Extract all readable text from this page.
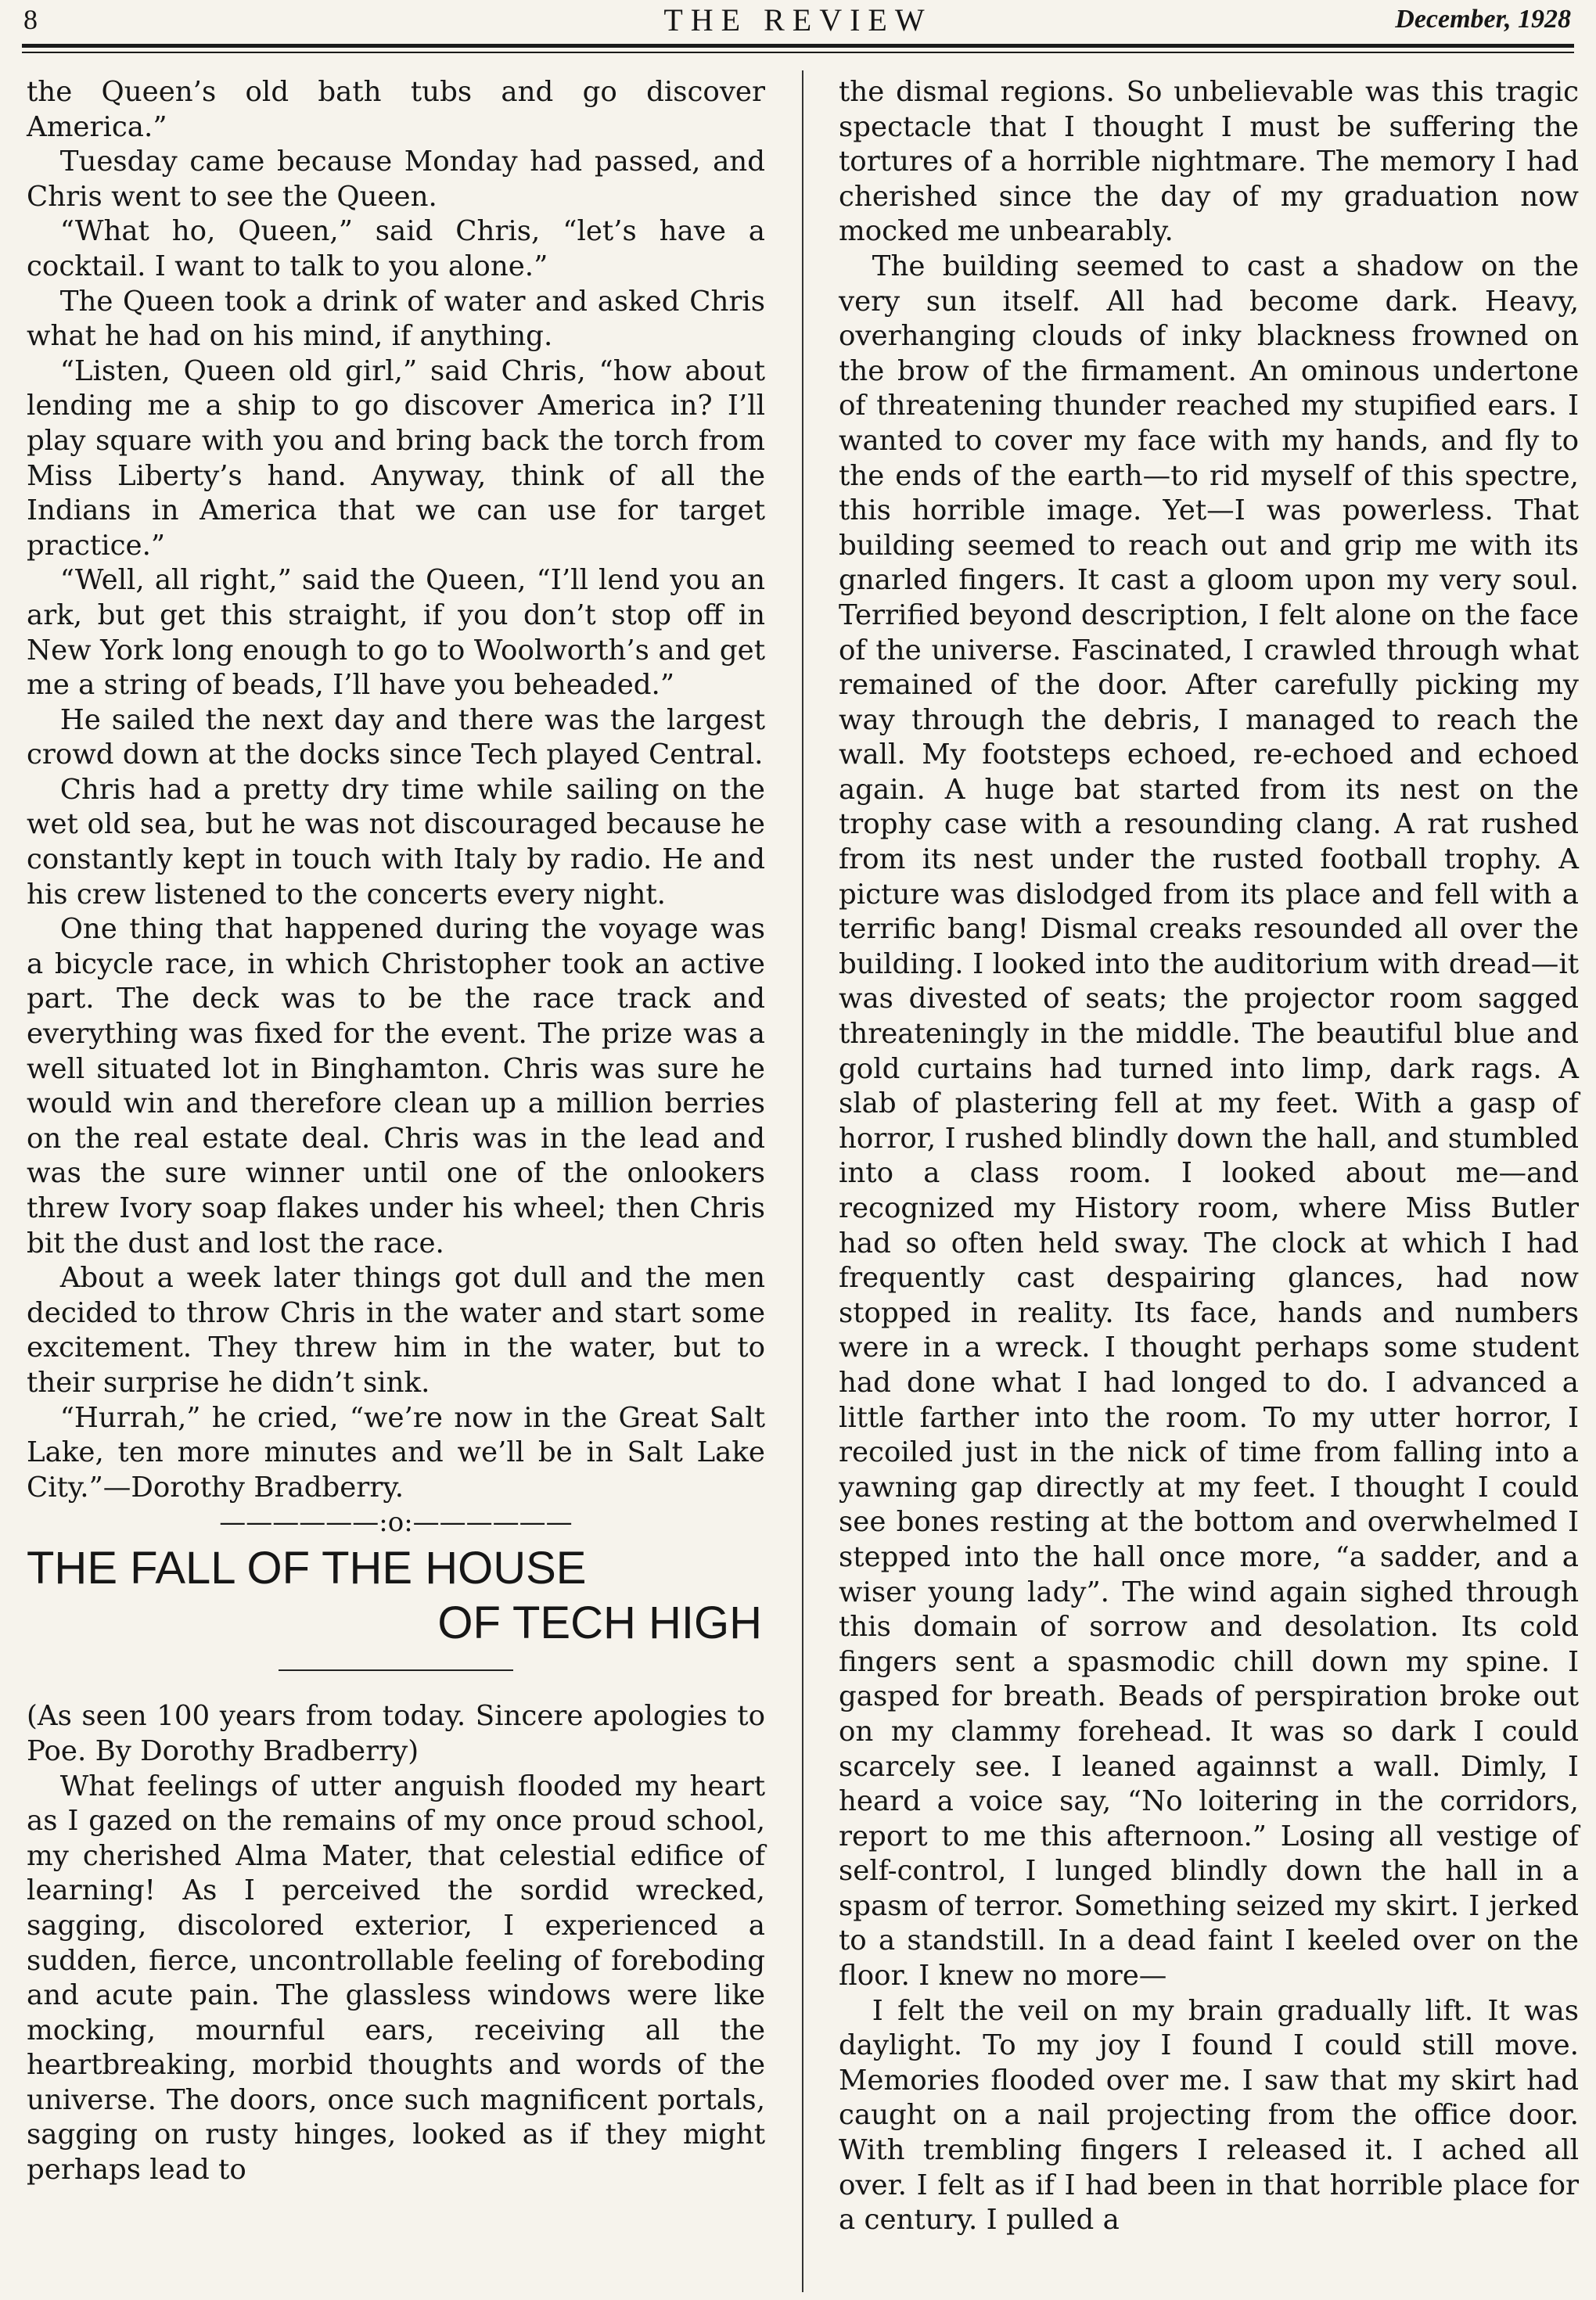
8	THE REVIEW	December, 1928

the Queen’s old bath tubs and go discover America.”

Tuesday came because Monday had passed, and Chris went to see the Queen.

“What ho, Queen,” said Chris, “let’s have a cocktail. I want to talk to you alone.”

The Queen took a drink of water and asked Chris what he had on his mind, if anything.

“Listen, Queen old girl,” said Chris, “how about lending me a ship to go discover America in? I’ll play square with you and bring back the torch from Miss Liberty’s hand. Anyway, think of all the Indians in America that we can use for target practice.”

“Well, all right,” said the Queen, “I’ll lend you an ark, but get this straight, if you don’t stop off in New York long enough to go to Woolworth’s and get me a string of beads, I’ll have you beheaded.”

He sailed the next day and there was the largest crowd down at the docks since Tech played Central.

Chris had a pretty dry time while sailing on the wet old sea, but he was not discouraged because he constantly kept in touch with Italy by radio. He and his crew listened to the concerts every night.

One thing that happened during the voyage was a bicycle race, in which Christopher took an active part. The deck was to be the race track and everything was fixed for the event. The prize was a well situated lot in Binghamton. Chris was sure he would win and therefore clean up a million berries on the real estate deal. Chris was in the lead and was the sure winner until one of the onlookers threw Ivory soap flakes under his wheel; then Chris bit the dust and lost the race.

About a week later things got dull and the men decided to throw Chris in the water and start some excitement. They threw him in the water, but to their surprise he didn’t sink.

“Hurrah,” he cried, “we’re now in the Great Salt Lake, ten more minutes and we’ll be in Salt Lake City.”—Dorothy Bradberry.

——————:o:——————
THE FALL OF THE HOUSE
OF TECH HIGH

(As seen 100 years from today. Sincere apologies to Poe. By Dorothy Bradberry)

What feelings of utter anguish flooded my heart as I gazed on the remains of my once proud school, my cherished Alma Mater, that celestial edifice of learning! As I perceived the sordid wrecked, sagging, discolored exterior, I experienced a sudden, fierce, uncontrollable feeling of foreboding and acute pain. The glassless windows were like mocking, mournful ears, receiving all the heartbreaking, morbid thoughts and words of the universe. The doors, once such magnificent portals, sagging on rusty hinges, looked as if they might perhaps lead to

the dismal regions. So unbelievable was this tragic spectacle that I thought I must be suffering the tortures of a horrible nightmare. The memory I had cherished since the day of my graduation now mocked me unbearably.

The building seemed to cast a shadow on the very sun itself. All had become dark. Heavy, overhanging clouds of inky blackness frowned on the brow of the firmament. An ominous undertone of threatening thunder reached my stupified ears. I wanted to cover my face with my hands, and fly to the ends of the earth—to rid myself of this spectre, this horrible image. Yet—I was powerless. That building seemed to reach out and grip me with its gnarled fingers. It cast a gloom upon my very soul. Terrified beyond description, I felt alone on the face of the universe. Fascinated, I crawled through what remained of the door. After carefully picking my way through the debris, I managed to reach the wall. My footsteps echoed, re-echoed and echoed again. A huge bat started from its nest on the trophy case with a resounding clang. A rat rushed from its nest under the rusted football trophy. A picture was dislodged from its place and fell with a terrific bang! Dismal creaks resounded all over the building. I looked into the auditorium with dread—it was divested of seats; the projector room sagged threateningly in the middle. The beautiful blue and gold curtains had turned into limp, dark rags. A slab of plastering fell at my feet. With a gasp of horror, I rushed blindly down the hall, and stumbled into a class room. I looked about me—and recognized my History room, where Miss Butler had so often held sway. The clock at which I had frequently cast despairing glances, had now stopped in reality. Its face, hands and numbers were in a wreck. I thought perhaps some student had done what I had longed to do. I advanced a little farther into the room. To my utter horror, I recoiled just in the nick of time from falling into a yawning gap directly at my feet. I thought I could see bones resting at the bottom and overwhelmed I stepped into the hall once more, “a sadder, and a wiser young lady”. The wind again sighed through this domain of sorrow and desolation. Its cold fingers sent a spasmodic chill down my spine. I gasped for breath. Beads of perspiration broke out on my clammy forehead. It was so dark I could scarcely see. I leaned againnst a wall. Dimly, I heard a voice say, “No loitering in the corridors, report to me this afternoon.” Losing all vestige of self-control, I lunged blindly down the hall in a spasm of terror. Something seized my skirt. I jerked to a standstill. In a dead faint I keeled over on the floor. I knew no more—

I felt the veil on my brain gradually lift. It was daylight. To my joy I found I could still move. Memories flooded over me. I saw that my skirt had caught on a nail projecting from the office door. With trembling fingers I released it. I ached all over. I felt as if I had been in that horrible place for a century. I pulled a
